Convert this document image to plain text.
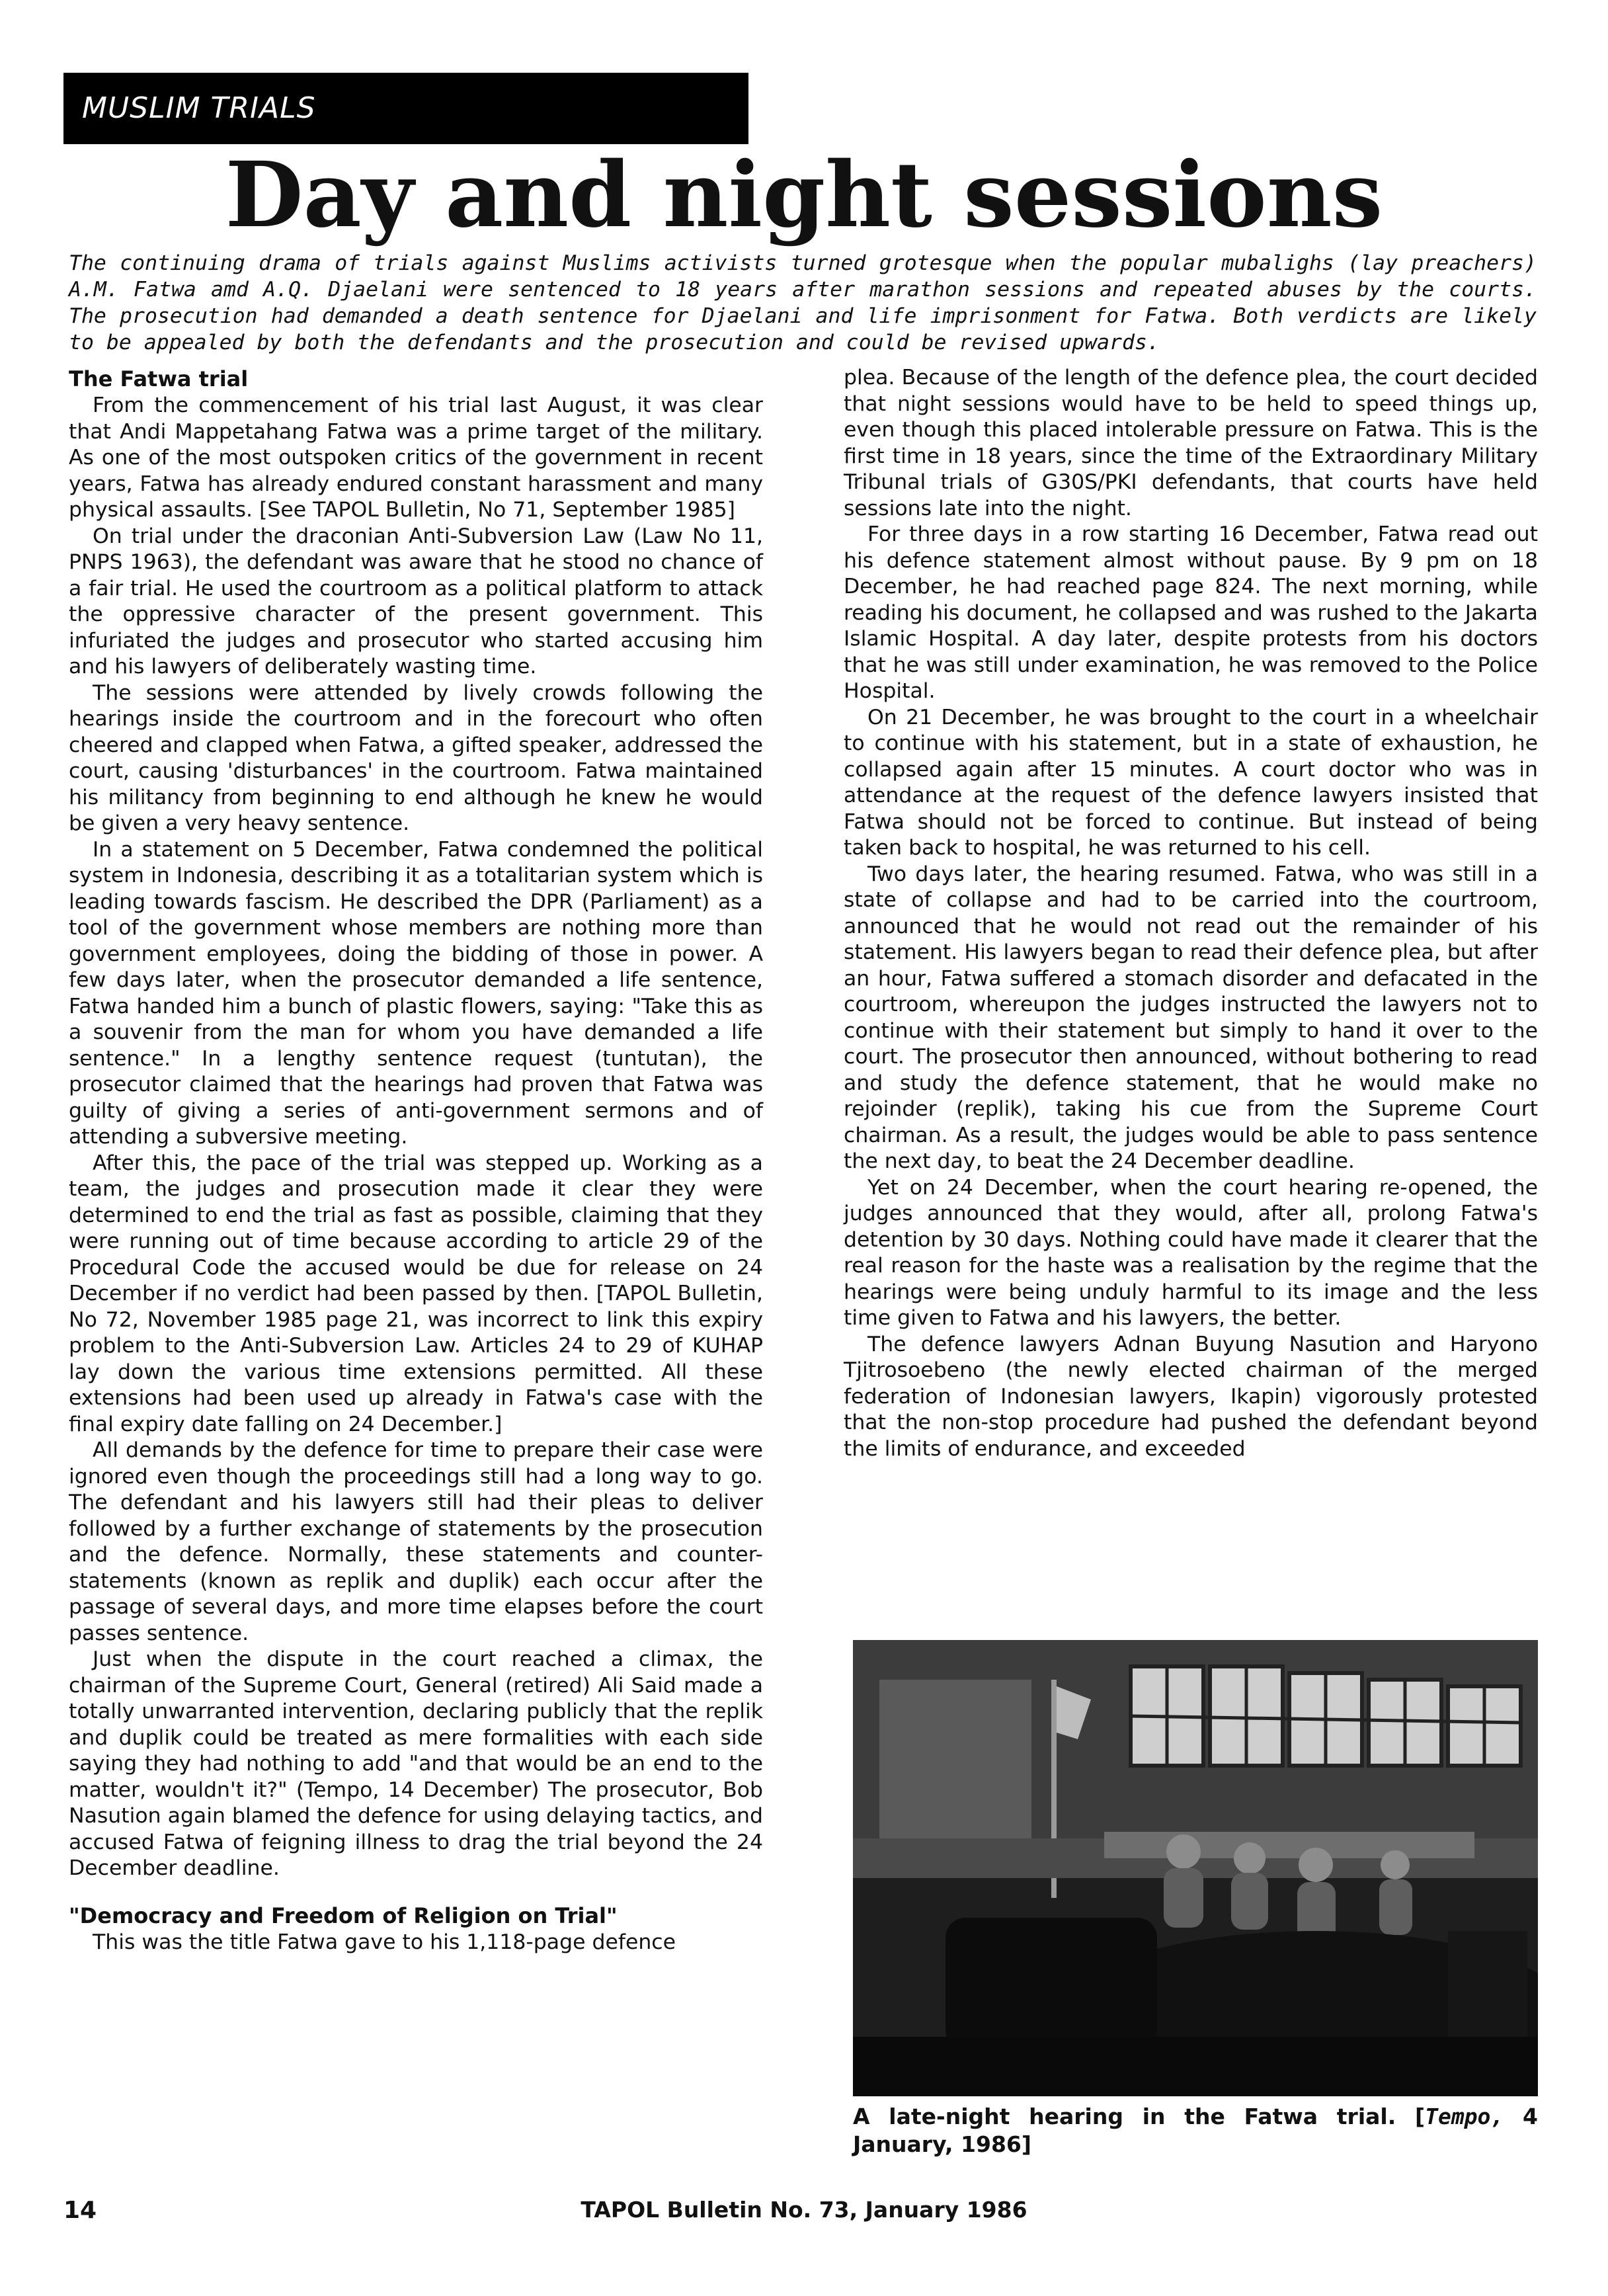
MUSLIM TRIALS
Day and night sessions

The continuing drama of trials against Muslims activists turned grotesque when the popular mubalighs (lay preachers) A.M. Fatwa amd A.Q. Djaelani were sentenced to 18 years after marathon sessions and repeated abuses by the courts. The prosecution had demanded a death sentence for Djaelani and life imprisonment for Fatwa. Both verdicts are likely to be appealed by both the defendants and the prosecution and could be revised upwards.

The Fatwa trial

From the commencement of his trial last August, it was clear that Andi Mappetahang Fatwa was a prime target of the military. As one of the most outspoken critics of the government in recent years, Fatwa has already endured constant harassment and many physical assaults. [See TAPOL Bulletin, No 71, September 1985]

On trial under the draconian Anti-Subversion Law (Law No 11, PNPS 1963), the defendant was aware that he stood no chance of a fair trial. He used the courtroom as a political platform to attack the oppressive character of the present government. This infuriated the judges and prosecutor who started accusing him and his lawyers of deliberately wasting time.

The sessions were attended by lively crowds following the hearings inside the courtroom and in the forecourt who often cheered and clapped when Fatwa, a gifted speaker, addressed the court, causing 'disturbances' in the courtroom. Fatwa maintained his militancy from beginning to end although he knew he would be given a very heavy sentence.

In a statement on 5 December, Fatwa condemned the political system in Indonesia, describing it as a totalitarian system which is leading towards fascism. He described the DPR (Parliament) as a tool of the government whose members are nothing more than government employees, doing the bidding of those in power. A few days later, when the prosecutor demanded a life sentence, Fatwa handed him a bunch of plastic flowers, saying: "Take this as a souvenir from the man for whom you have demanded a life sentence." In a lengthy sentence request (tuntutan), the prosecutor claimed that the hearings had proven that Fatwa was guilty of giving a series of anti-government sermons and of attending a subversive meeting.

After this, the pace of the trial was stepped up. Working as a team, the judges and prosecution made it clear they were determined to end the trial as fast as possible, claiming that they were running out of time because according to article 29 of the Procedural Code the accused would be due for release on 24 December if no verdict had been passed by then. [TAPOL Bulletin, No 72, November 1985 page 21, was incorrect to link this expiry problem to the Anti-Subversion Law. Articles 24 to 29 of KUHAP lay down the various time extensions permitted. All these extensions had been used up already in Fatwa's case with the final expiry date falling on 24 December.]

All demands by the defence for time to prepare their case were ignored even though the proceedings still had a long way to go. The defendant and his lawyers still had their pleas to deliver followed by a further exchange of statements by the prosecution and the defence. Normally, these statements and counter-statements (known as replik and duplik) each occur after the passage of several days, and more time elapses before the court passes sentence.

Just when the dispute in the court reached a climax, the chairman of the Supreme Court, General (retired) Ali Said made a totally unwarranted intervention, declaring publicly that the replik and duplik could be treated as mere formalities with each side saying they had nothing to add "and that would be an end to the matter, wouldn't it?" (Tempo, 14 December) The prosecutor, Bob Nasution again blamed the defence for using delaying tactics, and accused Fatwa of feigning illness to drag the trial beyond the 24 December deadline.

"Democracy and Freedom of Religion on Trial"

This was the title Fatwa gave to his 1,118-page defence

plea. Because of the length of the defence plea, the court decided that night sessions would have to be held to speed things up, even though this placed intolerable pressure on Fatwa. This is the first time in 18 years, since the time of the Extraordinary Military Tribunal trials of G30S/PKI defendants, that courts have held sessions late into the night.

For three days in a row starting 16 December, Fatwa read out his defence statement almost without pause. By 9 pm on 18 December, he had reached page 824. The next morning, while reading his document, he collapsed and was rushed to the Jakarta Islamic Hospital. A day later, despite protests from his doctors that he was still under examination, he was removed to the Police Hospital.

On 21 December, he was brought to the court in a wheelchair to continue with his statement, but in a state of exhaustion, he collapsed again after 15 minutes. A court doctor who was in attendance at the request of the defence lawyers insisted that Fatwa should not be forced to continue. But instead of being taken back to hospital, he was returned to his cell.

Two days later, the hearing resumed. Fatwa, who was still in a state of collapse and had to be carried into the courtroom, announced that he would not read out the remainder of his statement. His lawyers began to read their defence plea, but after an hour, Fatwa suffered a stomach disorder and defacated in the courtroom, whereupon the judges instructed the lawyers not to continue with their statement but simply to hand it over to the court. The prosecutor then announced, without bothering to read and study the defence statement, that he would make no rejoinder (replik), taking his cue from the Supreme Court chairman. As a result, the judges would be able to pass sentence the next day, to beat the 24 December deadline.

Yet on 24 December, when the court hearing re-opened, the judges announced that they would, after all, prolong Fatwa's detention by 30 days. Nothing could have made it clearer that the real reason for the haste was a realisation by the regime that the hearings were being unduly harmful to its image and the less time given to Fatwa and his lawyers, the better.

The defence lawyers Adnan Buyung Nasution and Haryono Tjitrosoebeno (the newly elected chairman of the merged federation of Indonesian lawyers, Ikapin) vigorously protested that the non-stop procedure had pushed the defendant beyond the limits of endurance, and exceeded

A late-night hearing in the Fatwa trial. [Tempo, 4 January, 1986]

14	TAPOL Bulletin No. 73, January 1986
